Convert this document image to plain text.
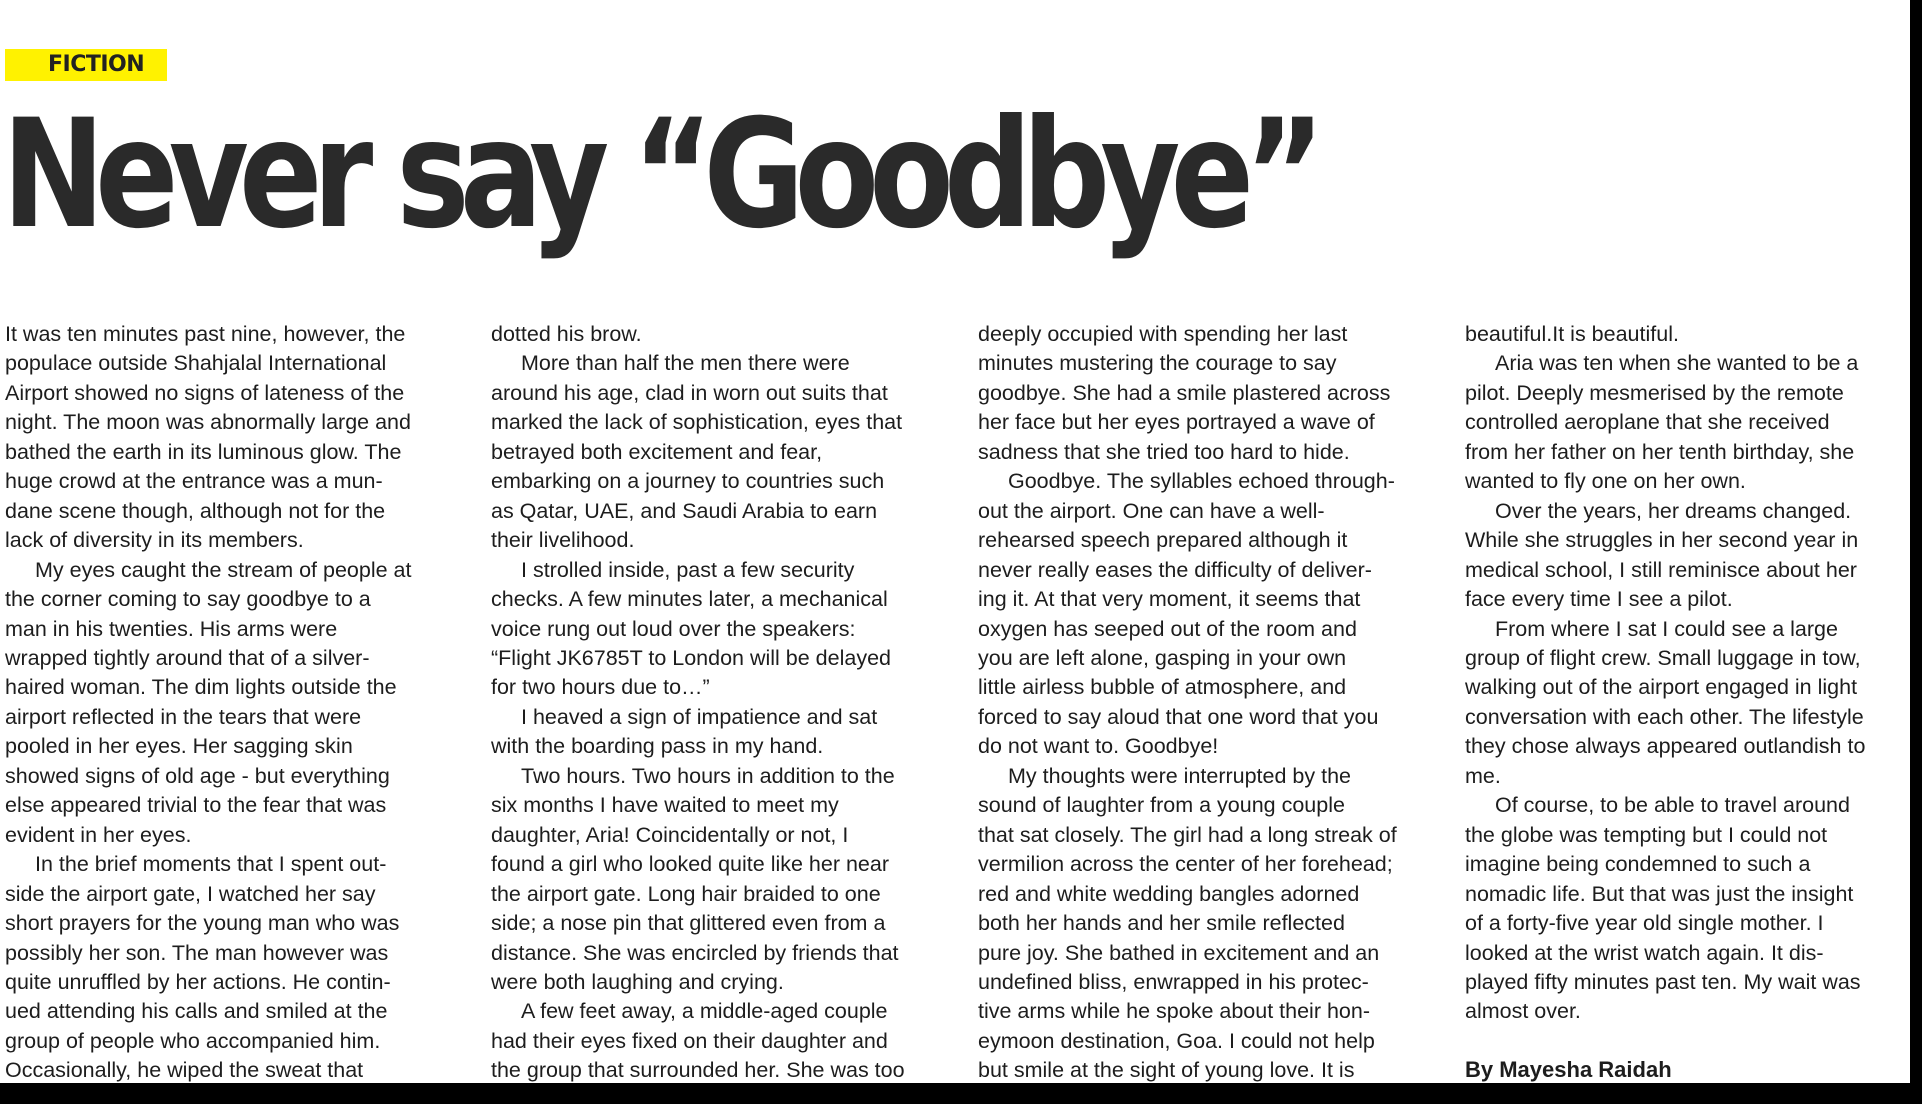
FICTION
Never say “Goodbye”

It was ten minutes past nine, however, the
populace outside Shahjalal International
Airport showed no signs of lateness of the
night. The moon was abnormally large and
bathed the earth in its luminous glow. The
huge crowd at the entrance was a mun-
dane scene though, although not for the
lack of diversity in its members.

My eyes caught the stream of people at
the corner coming to say goodbye to a
man in his twenties. His arms were
wrapped tightly around that of a silver-
haired woman. The dim lights outside the
airport reflected in the tears that were
pooled in her eyes. Her sagging skin
showed signs of old age - but everything
else appeared trivial to the fear that was
evident in her eyes.

In the brief moments that I spent out-
side the airport gate, I watched her say
short prayers for the young man who was
possibly her son. The man however was
quite unruffled by her actions. He contin-
ued attending his calls and smiled at the
group of people who accompanied him.
Occasionally, he wiped the sweat that

dotted his brow.

More than half the men there were
around his age, clad in worn out suits that
marked the lack of sophistication, eyes that
betrayed both excitement and fear,
embarking on a journey to countries such
as Qatar, UAE, and Saudi Arabia to earn
their livelihood.

I strolled inside, past a few security
checks. A few minutes later, a mechanical
voice rung out loud over the speakers:
“Flight JK6785T to London will be delayed
for two hours due to…”

I heaved a sign of impatience and sat
with the boarding pass in my hand.

Two hours. Two hours in addition to the
six months I have waited to meet my
daughter, Aria! Coincidentally or not, I
found a girl who looked quite like her near
the airport gate. Long hair braided to one
side; a nose pin that glittered even from a
distance. She was encircled by friends that
were both laughing and crying.

A few feet away, a middle-aged couple
had their eyes fixed on their daughter and
the group that surrounded her. She was too

deeply occupied with spending her last
minutes mustering the courage to say
goodbye. She had a smile plastered across
her face but her eyes portrayed a wave of
sadness that she tried too hard to hide.

Goodbye. The syllables echoed through-
out the airport. One can have a well-
rehearsed speech prepared although it
never really eases the difficulty of deliver-
ing it. At that very moment, it seems that
oxygen has seeped out of the room and
you are left alone, gasping in your own
little airless bubble of atmosphere, and
forced to say aloud that one word that you
do not want to. Goodbye!

My thoughts were interrupted by the
sound of laughter from a young couple
that sat closely. The girl had a long streak of
vermilion across the center of her forehead;
red and white wedding bangles adorned
both her hands and her smile reflected
pure joy. She bathed in excitement and an
undefined bliss, enwrapped in his protec-
tive arms while he spoke about their hon-
eymoon destination, Goa. I could not help
but smile at the sight of young love. It is

beautiful.It is beautiful.

Aria was ten when she wanted to be a
pilot. Deeply mesmerised by the remote
controlled aeroplane that she received
from her father on her tenth birthday, she
wanted to fly one on her own.

Over the years, her dreams changed.
While she struggles in her second year in
medical school, I still reminisce about her
face every time I see a pilot.

From where I sat I could see a large
group of flight crew. Small luggage in tow,
walking out of the airport engaged in light
conversation with each other. The lifestyle
they chose always appeared outlandish to
me.

Of course, to be able to travel around
the globe was tempting but I could not
imagine being condemned to such a
nomadic life. But that was just the insight
of a forty-five year old single mother. I
looked at the wrist watch again. It dis-
played fifty minutes past ten. My wait was
almost over.

By Mayesha Raidah
